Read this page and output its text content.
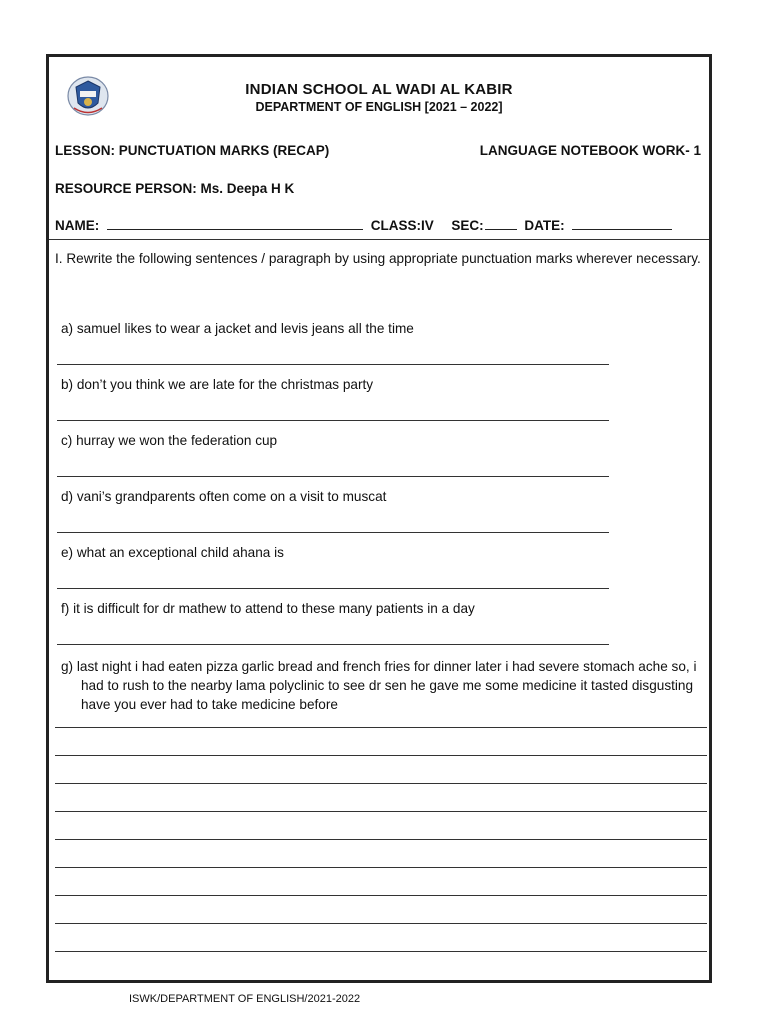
INDIAN SCHOOL AL WADI AL KABIR
DEPARTMENT OF ENGLISH [2021 – 2022]
LESSON: PUNCTUATION MARKS (RECAP)	LANGUAGE NOTEBOOK WORK- 1
RESOURCE PERSON: Ms. Deepa H K
NAME:	CLASS:IV SEC:	DATE:
I. Rewrite the following sentences / paragraph by using appropriate punctuation marks wherever necessary.
a) samuel likes to wear a jacket and levis jeans all the time
b) don’t you think we are late for the christmas party
c) hurray we won the federation cup
d) vani’s grandparents often come on a visit to muscat
e) what an exceptional child ahana is
f) it is difficult for dr mathew to attend to these many patients in a day
g) last night i had eaten pizza garlic bread and french fries for dinner later i had severe stomach ache so, i had to rush to the nearby lama polyclinic to see dr sen he gave me some medicine it tasted disgusting have you ever had to take medicine before
ISWK/DEPARTMENT OF ENGLISH/2021-2022
